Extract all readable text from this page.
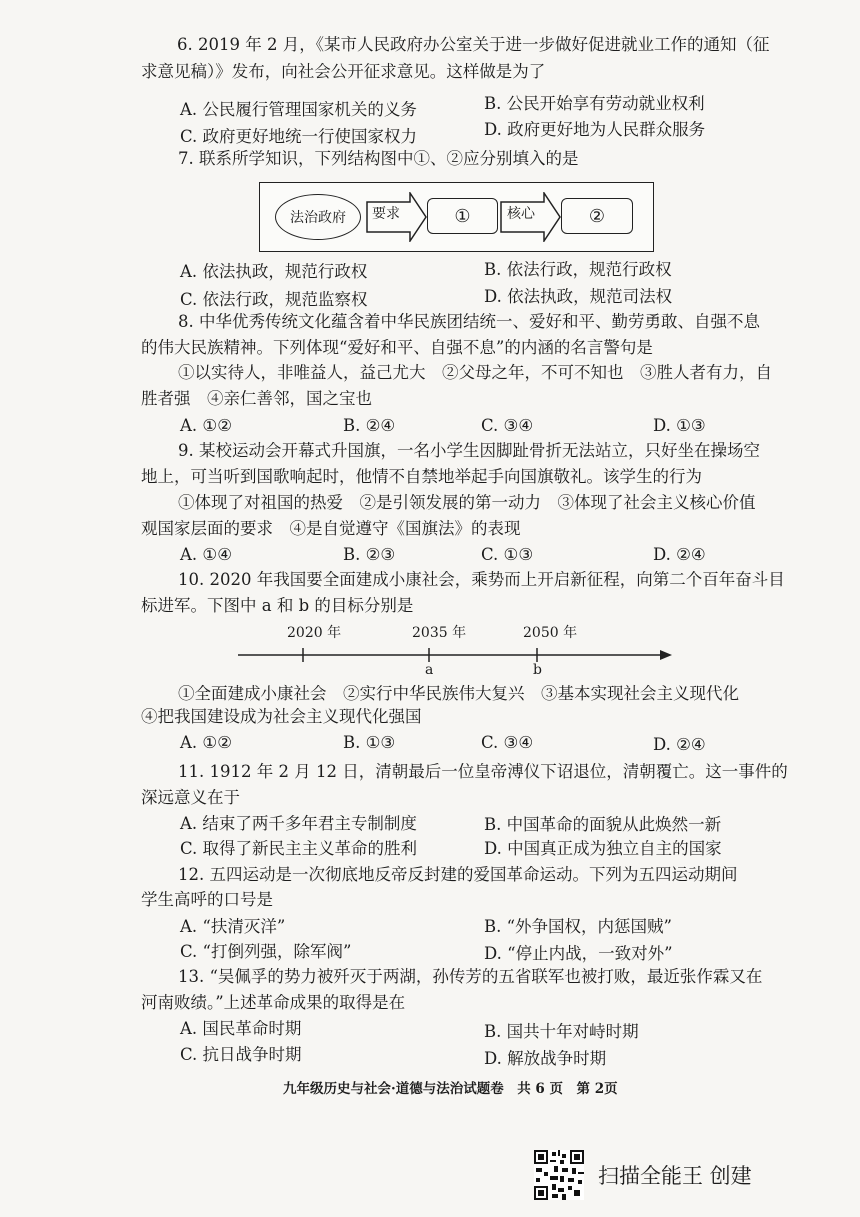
6. 2019 年 2 月，《某市人民政府办公室关于进一步做好促进就业工作的通知（征
求意见稿）》发布，向社会公开征求意见。这样做是为了
A. 公民履行管理国家机关的义务	B. 公民开始享有劳动就业权利
C. 政府更好地统一行使国家权力	D. 政府更好地为人民群众服务
7. 联系所学知识，下列结构图中①、②应分别填入的是
法治政府	要求	①	核心	②
A. 依法执政，规范行政权	B. 依法行政，规范行政权
C. 依法行政，规范监察权	D. 依法执政，规范司法权
8. 中华优秀传统文化蕴含着中华民族团结统一、爱好和平、勤劳勇敢、自强不息
的伟大民族精神。下列体现“爱好和平、自强不息”的内涵的名言警句是
①以实待人，非唯益人，益己尤大　②父母之年，不可不知也　③胜人者有力，自
胜者强　④亲仁善邻，国之宝也
A. ①②	B. ②④	C. ③④	D. ①③
9. 某校运动会开幕式升国旗，一名小学生因脚趾骨折无法站立，只好坐在操场空
地上，可当听到国歌响起时，他情不自禁地举起手向国旗敬礼。该学生的行为
①体现了对祖国的热爱　②是引领发展的第一动力　③体现了社会主义核心价值
观国家层面的要求　④是自觉遵守《国旗法》的表现
A. ①④	B. ②③	C. ①③	D. ②④
10. 2020 年我国要全面建成小康社会，乘势而上开启新征程，向第二个百年奋斗目
标进军。下图中 a 和 b 的目标分别是
2020 年	2035 年	2050 年
a	b
①全面建成小康社会　②实行中华民族伟大复兴　③基本实现社会主义现代化
④把我国建设成为社会主义现代化强国
A. ①②	B. ①③	C. ③④	D. ②④
11. 1912 年 2 月 12 日，清朝最后一位皇帝溥仪下诏退位，清朝覆亡。这一事件的
深远意义在于
A. 结束了两千多年君主专制制度	B. 中国革命的面貌从此焕然一新
C. 取得了新民主主义革命的胜利	D. 中国真正成为独立自主的国家
12. 五四运动是一次彻底地反帝反封建的爱国革命运动。下列为五四运动期间
学生高呼的口号是
A. “扶清灭洋”	B. “外争国权，内惩国贼”
C. “打倒列强，除军阀”	D. “停止内战，一致对外”
13. “吴佩孚的势力被歼灭于两湖，孙传芳的五省联军也被打败，最近张作霖又在
河南败绩。”上述革命成果的取得是在
A. 国民革命时期	B. 国共十年对峙时期
C. 抗日战争时期	D. 解放战争时期
九年级历史与社会·道德与法治试题卷　共 6 页　第 2页
扫描全能王 创建
